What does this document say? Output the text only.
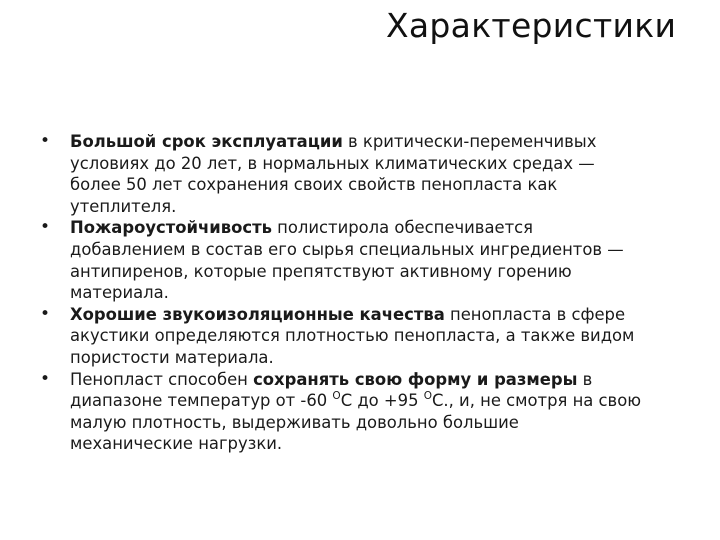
Характеристики
• Большой срок эксплуатации в критически-переменчивых
условиях до 20 лет, в нормальных климатических средах —
более 50 лет сохранения своих свойств пенопласта как
утеплителя.
• Пожароустойчивость полистирола обеспечивается
добавлением в состав его сырья специальных ингредиентов —
антипиренов, которые препятствуют активному горению
материала.
• Хорошие звукоизоляционные качества пенопласта в сфере
акустики определяются плотностью пенопласта, а также видом
пористости материала.
• Пенопласт способен сохранять свою форму и размеры в
диапазоне температур от -60 $^О$С до +95 $^О$С., и, не смотря на свою
малую плотность, выдерживать довольно большие
механические нагрузки.
